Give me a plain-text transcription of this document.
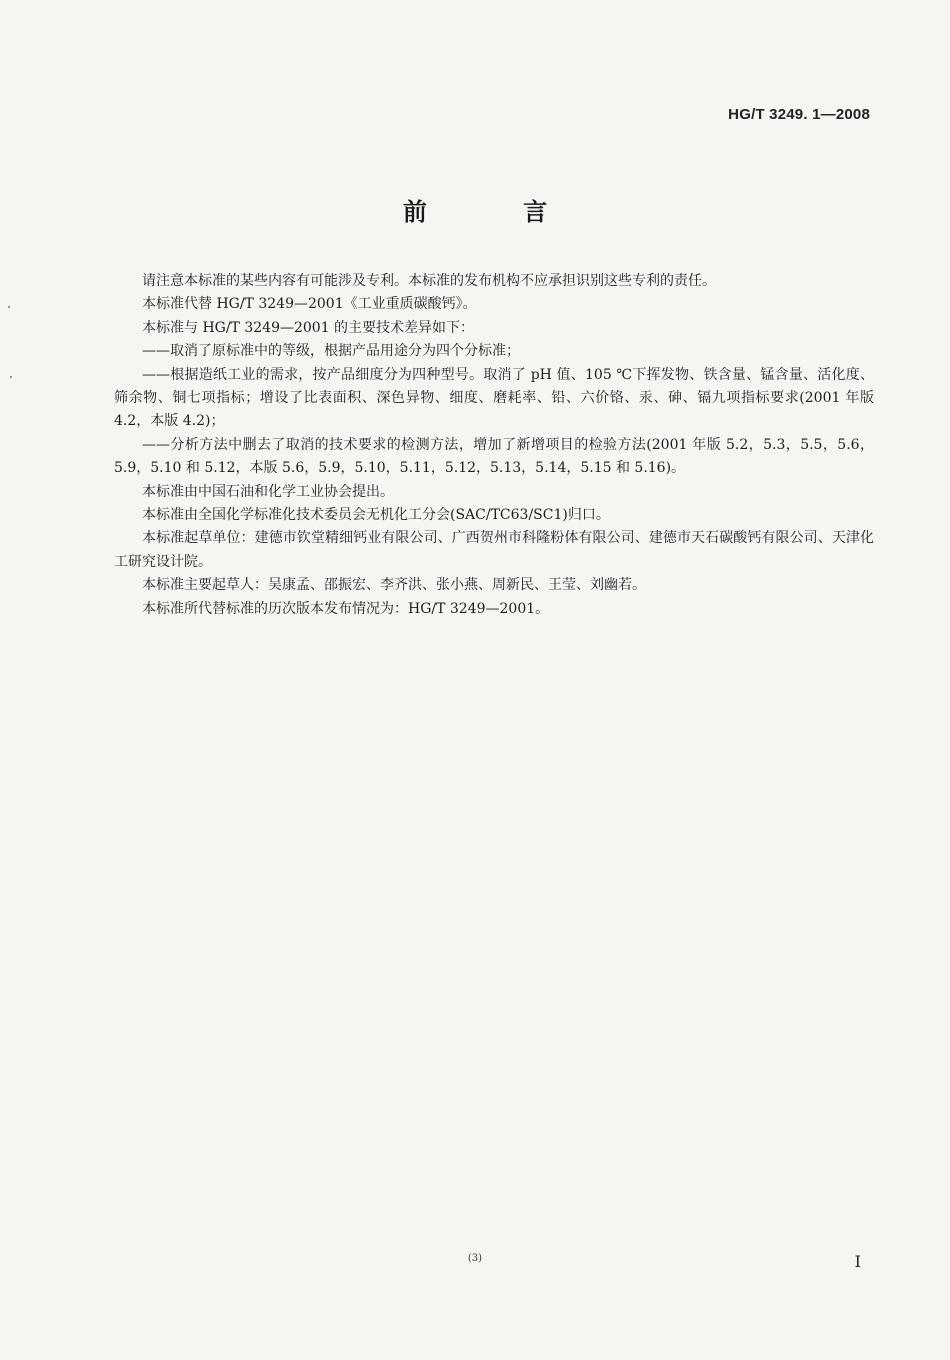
HG/T 3249. 1—2008
前 言

请注意本标准的某些内容有可能涉及专利。本标准的发布机构不应承担识别这些专利的责任。

本标准代替 HG/T 3249—2001《工业重质碳酸钙》。

本标准与 HG/T 3249—2001 的主要技术差异如下：

——取消了原标准中的等级，根据产品用途分为四个分标准；

——根据造纸工业的需求，按产品细度分为四种型号。取消了 pH 值、105 ℃下挥发物、铁含量、锰含量、活化度、筛余物、铜七项指标；增设了比表面积、深色异物、细度、磨耗率、铅、六价铬、汞、砷、镉九项指标要求(2001 年版 4.2，本版 4.2)；

——分析方法中删去了取消的技术要求的检测方法，增加了新增项目的检验方法(2001 年版 5.2，5.3，5.5，5.6，5.9，5.10 和 5.12，本版 5.6，5.9，5.10，5.11，5.12，5.13，5.14，5.15 和 5.16)。

本标准由中国石油和化学工业协会提出。

本标准由全国化学标准化技术委员会无机化工分会(SAC/TC63/SC1)归口。

本标准起草单位：建德市钦堂精细钙业有限公司、广西贺州市科隆粉体有限公司、建德市天石碳酸钙有限公司、天津化工研究设计院。

本标准主要起草人：吴康孟、邵振宏、李齐洪、张小燕、周新民、王莹、刘幽若。

本标准所代替标准的历次版本发布情况为：HG/T 3249—2001。

(3)	I
